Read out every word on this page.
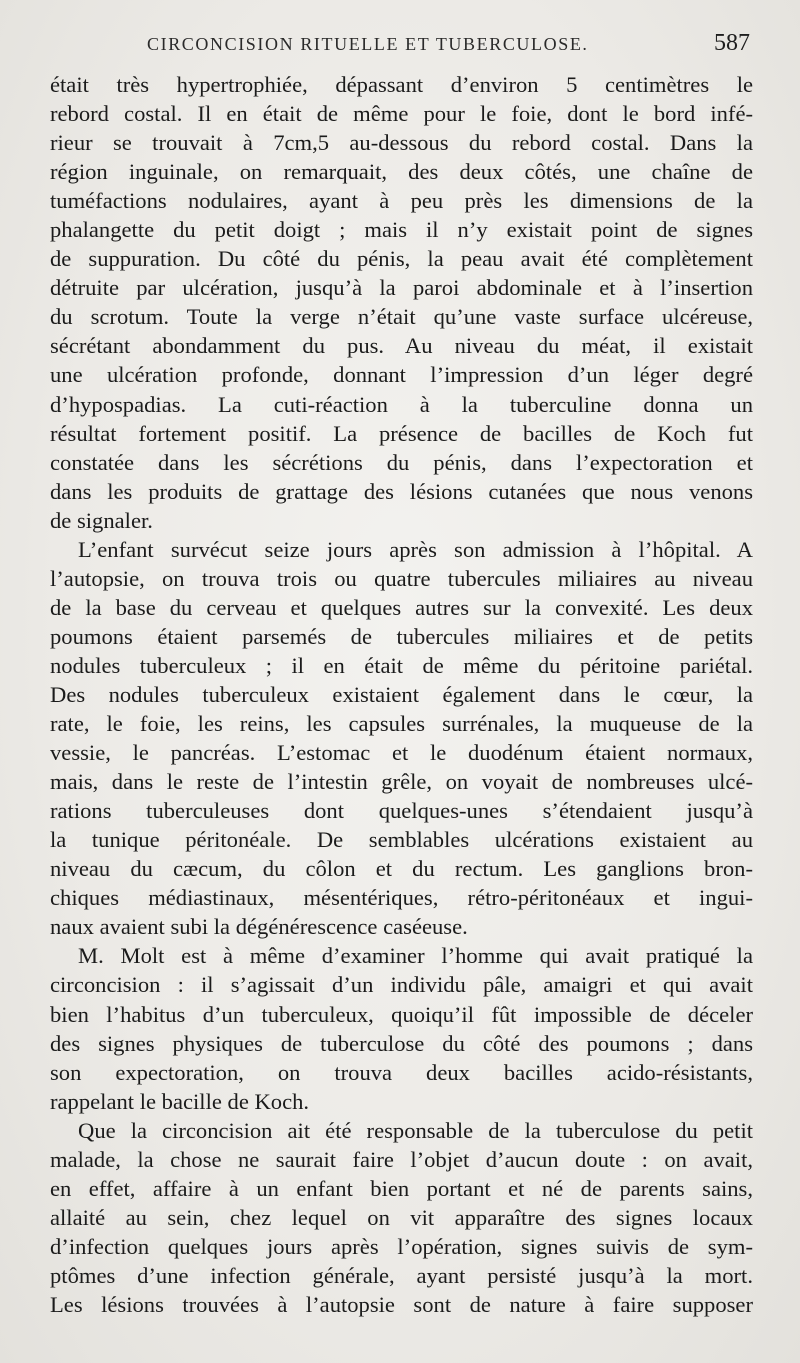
CIRCONCISION RITUELLE ET TUBERCULOSE.	587
était très hypertrophiée, dépassant d’environ 5 centimètres le
rebord costal. Il en était de même pour le foie, dont le bord infé-
rieur se trouvait à 7cm,5 au-dessous du rebord costal. Dans la
région inguinale, on remarquait, des deux côtés, une chaîne de
tuméfactions nodulaires, ayant à peu près les dimensions de la
phalangette du petit doigt ; mais il n’y existait point de signes
de suppuration. Du côté du pénis, la peau avait été complètement
détruite par ulcération, jusqu’à la paroi abdominale et à l’insertion
du scrotum. Toute la verge n’était qu’une vaste surface ulcéreuse,
sécrétant abondamment du pus. Au niveau du méat, il existait
une ulcération profonde, donnant l’impression d’un léger degré
d’hypospadias. La cuti-réaction à la tuberculine donna un
résultat fortement positif. La présence de bacilles de Koch fut
constatée dans les sécrétions du pénis, dans l’expectoration et
dans les produits de grattage des lésions cutanées que nous venons
de signaler.
L’enfant survécut seize jours après son admission à l’hôpital. A
l’autopsie, on trouva trois ou quatre tubercules miliaires au niveau
de la base du cerveau et quelques autres sur la convexité. Les deux
poumons étaient parsemés de tubercules miliaires et de petits
nodules tuberculeux ; il en était de même du péritoine pariétal.
Des nodules tuberculeux existaient également dans le cœur, la
rate, le foie, les reins, les capsules surrénales, la muqueuse de la
vessie, le pancréas. L’estomac et le duodénum étaient normaux,
mais, dans le reste de l’intestin grêle, on voyait de nombreuses ulcé-
rations tuberculeuses dont quelques-unes s’étendaient jusqu’à
la tunique péritonéale. De semblables ulcérations existaient au
niveau du cæcum, du côlon et du rectum. Les ganglions bron-
chiques médiastinaux, mésentériques, rétro-péritonéaux et ingui-
naux avaient subi la dégénérescence caséeuse.
M. Molt est à même d’examiner l’homme qui avait pratiqué la
circoncision : il s’agissait d’un individu pâle, amaigri et qui avait
bien l’habitus d’un tuberculeux, quoiqu’il fût impossible de déceler
des signes physiques de tuberculose du côté des poumons ; dans
son expectoration, on trouva deux bacilles acido-résistants,
rappelant le bacille de Koch.
Que la circoncision ait été responsable de la tuberculose du petit
malade, la chose ne saurait faire l’objet d’aucun doute : on avait,
en effet, affaire à un enfant bien portant et né de parents sains,
allaité au sein, chez lequel on vit apparaître des signes locaux
d’infection quelques jours après l’opération, signes suivis de sym-
ptômes d’une infection générale, ayant persisté jusqu’à la mort.
Les lésions trouvées à l’autopsie sont de nature à faire supposer
